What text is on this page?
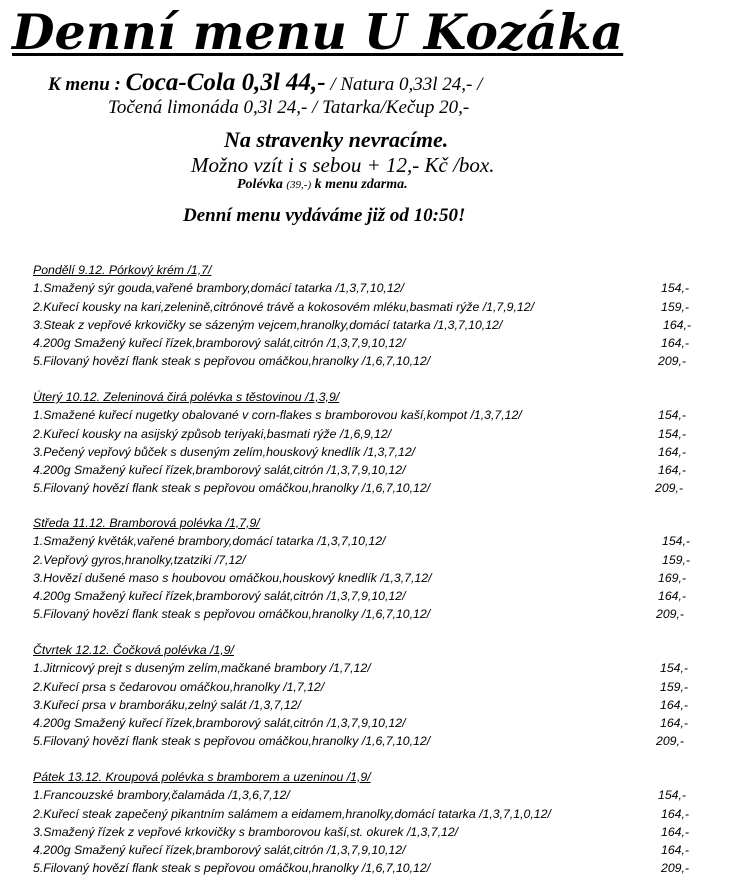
Denní menu U Kozáka
K menu : Coca-Cola 0,3l 44,- / Natura 0,33l 24,- /
Točená limonáda 0,3l 24,- / Tatarka/Kečup 20,-
Na stravenky nevracíme.
Možno vzít i s sebou + 12,- Kč /box.
Polévka (39,-) k menu zdarma.
Denní menu vydáváme již od 10:50!
Pondělí 9.12. Pórkový krém /1,7/
1.Smažený sýr gouda,vařené brambory,domácí tatarka /1,3,7,10,12/	154,-
2.Kuřecí kousky na kari,zelenině,citrónové trávě a kokosovém mléku,basmati rýže /1,7,9,12/	159,-
3.Steak z vepřové krkovičky se sázeným vejcem,hranolky,domácí tatarka /1,3,7,10,12/	164,-
4.200g Smažený kuřecí řízek,bramborový salát,citrón /1,3,7,9,10,12/	164,-
5.Filovaný hovězí flank steak s pepřovou omáčkou,hranolky /1,6,7,10,12/	209,-
Úterý 10.12. Zeleninová čirá polévka s těstovinou /1,3,9/
1.Smažené kuřecí nugetky obalované v corn-flakes s bramborovou kaší,kompot /1,3,7,12/	154,-
2.Kuřecí kousky na asijský způsob teriyaki,basmati rýže /1,6,9,12/	154,-
3.Pečený vepřový bůček s duseným zelím,houskový knedlík /1,3,7,12/	164,-
4.200g Smažený kuřecí řízek,bramborový salát,citrón /1,3,7,9,10,12/	164,-
5.Filovaný hovězí flank steak s pepřovou omáčkou,hranolky /1,6,7,10,12/	209,-
Středa 11.12. Bramborová polévka /1,7,9/
1.Smažený květák,vařené brambory,domácí tatarka /1,3,7,10,12/	154,-
2.Vepřový gyros,hranolky,tzatziki /7,12/	159,-
3.Hovězí dušené maso s houbovou omáčkou,houskový knedlík /1,3,7,12/	169,-
4.200g Smažený kuřecí řízek,bramborový salát,citrón /1,3,7,9,10,12/	164,-
5.Filovaný hovězí flank steak s pepřovou omáčkou,hranolky /1,6,7,10,12/	209,-
Čtvrtek 12.12. Čočková polévka /1,9/
1.Jitrnicový prejt s duseným zelím,mačkané brambory /1,7,12/	154,-
2.Kuřecí prsa s čedarovou omáčkou,hranolky /1,7,12/	159,-
3.Kuřecí prsa v bramboráku,zelný salát /1,3,7,12/	164,-
4.200g Smažený kuřecí řízek,bramborový salát,citrón /1,3,7,9,10,12/	164,-
5.Filovaný hovězí flank steak s pepřovou omáčkou,hranolky /1,6,7,10,12/	209,-
Pátek 13.12. Kroupová polévka s bramborem a uzeninou /1,9/
1.Francouzské brambory,čalamáda /1,3,6,7,12/	154,-
2.Kuřecí steak zapečený pikantním salámem a eidamem,hranolky,domácí tatarka /1,3,7,1,0,12/	164,-
3.Smažený řízek z vepřové krkovičky s bramborovou kaší,st. okurek /1,3,7,12/	164,-
4.200g Smažený kuřecí řízek,bramborový salát,citrón /1,3,7,9,10,12/	164,-
5.Filovaný hovězí flank steak s pepřovou omáčkou,hranolky /1,6,7,10,12/	209,-
